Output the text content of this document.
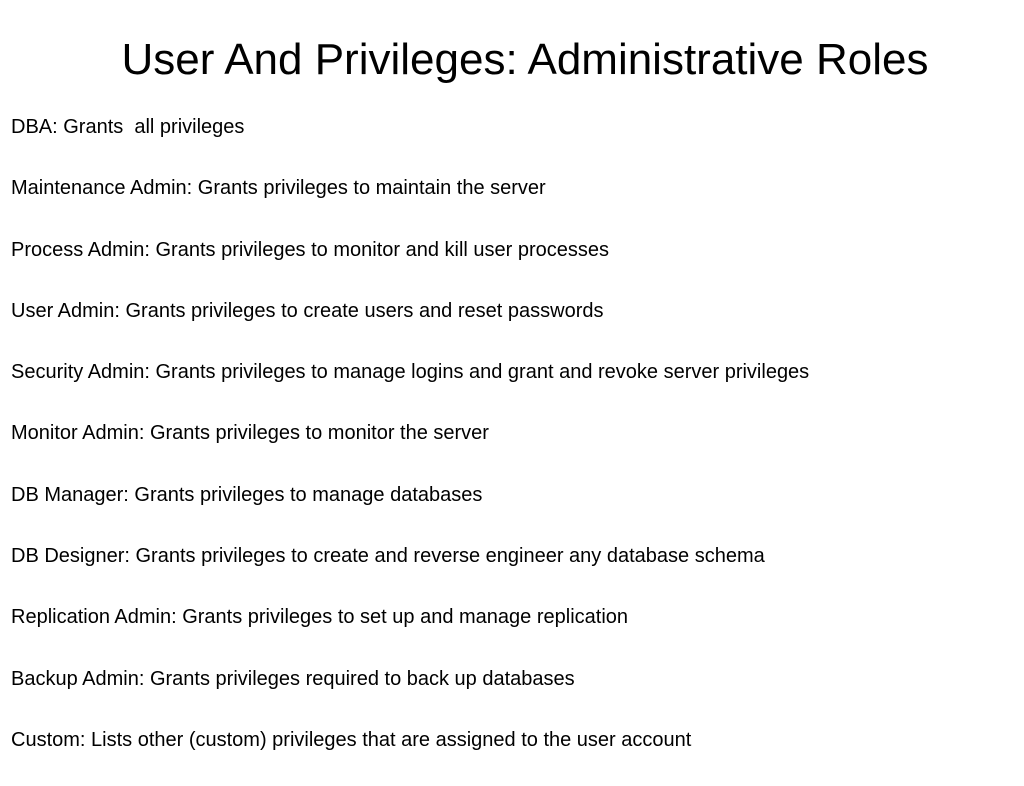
User And Privileges: Administrative Roles
DBA: Grants  all privileges
Maintenance Admin: Grants privileges to maintain the server
Process Admin: Grants privileges to monitor and kill user processes
User Admin: Grants privileges to create users and reset passwords
Security Admin: Grants privileges to manage logins and grant and revoke server privileges
Monitor Admin: Grants privileges to monitor the server
DB Manager: Grants privileges to manage databases
DB Designer: Grants privileges to create and reverse engineer any database schema
Replication Admin: Grants privileges to set up and manage replication
Backup Admin: Grants privileges required to back up databases
Custom: Lists other (custom) privileges that are assigned to the user account
